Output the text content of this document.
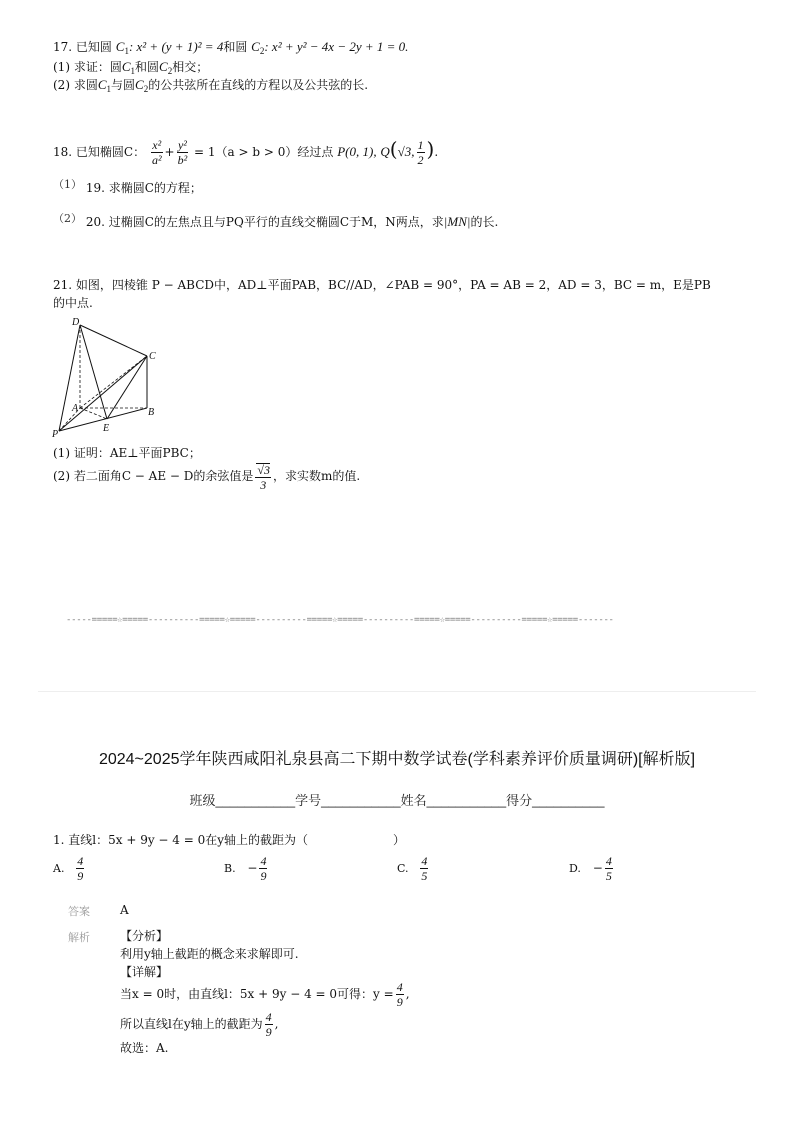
17. 已知圆 $C_1$: x² + (y + 1)² = 4和圆 $C_2$: x² + y² − 4x − 2y + 1 = 0.
(1) 求证：圆$C_1$和圆$C_2$相交；
(2) 求圆$C_1$与圆$C_2$的公共弦所在直线的方程以及公共弦的长.
18. 已知椭圆C： $\frac{\text{x²}}{\text{a²}} + \frac{\text{y²}}{\text{b²}} = 1(a > b > 0)$经过点 P(0, 1), Q(√3, $\frac{1}{2}$ ).
（1） 19. 求椭圆C的方程；
（2） 20. 过椭圆C的左焦点且与PQ平行的直线交椭圆C于M，N两点，求|MN|的长.
21. 如图，四棱锥 P − ABCD中，AD⊥平面PAB，BC//AD，∠PAB = 90°，PA = AB = 2，AD = 3，BC = m，E是PB
的中点.
D
C
A	B
E
P
(1) 证明：AE⊥平面PBC；
(2) 若二面角C − AE − D的余弦值是 $\frac{√3}{3}$ ，求实数m的值.
-----=====☆=====----------=====☆=====----------=====☆=====----------=====☆=====----------=====☆=====-------
2024~2025学年陕西咸阳礼泉县高二下期中数学试卷(学科素养评价质量调研)[解析版]
班级___________学号___________姓名___________得分__________
1. 直线l：5x + 9y − 4 = 0在y轴上的截距为（	）
A. $\frac{4}{9}$	B. − $\frac{4}{9}$	C. $\frac{4}{5}$	D. − $\frac{4}{5}$
答案	A
解析	【分析】
利用y轴上截距的概念来求解即可.
【详解】
当x = 0时，由直线l：5x + 9y − 4 = 0可得：$y = \frac{4}{9}$ ,
所以直线l在y轴上的截距为 $\frac{4}{9}$ ,
故选：A.
